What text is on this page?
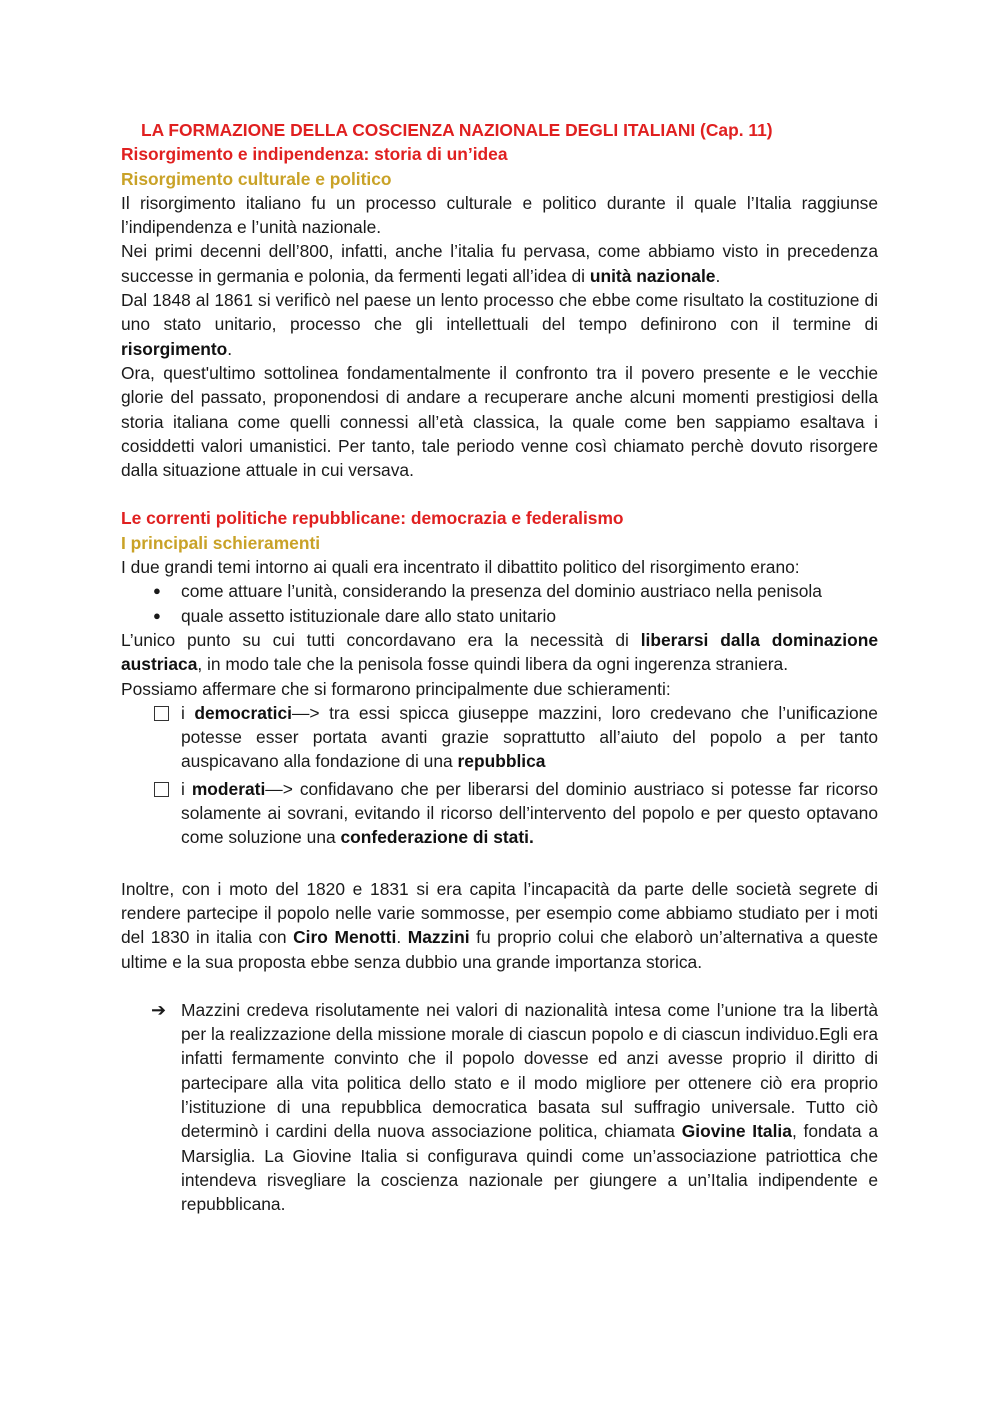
LA FORMAZIONE DELLA COSCIENZA NAZIONALE DEGLI ITALIANI (Cap. 11)
Risorgimento e indipendenza: storia di un’idea
Risorgimento culturale e politico

Il risorgimento italiano fu un processo culturale e politico durante il quale l’Italia raggiunse l’indipendenza e l’unità nazionale.

Nei primi decenni dell’800, infatti, anche l’italia fu pervasa, come abbiamo visto in precedenza successe in germania e polonia, da fermenti legati all’idea di unità nazionale.

Dal 1848 al 1861 si verificò nel paese un lento processo che ebbe come risultato la costituzione di uno stato unitario, processo che gli intellettuali del tempo definirono con il termine di risorgimento.

Ora, quest'ultimo sottolinea fondamentalmente il confronto tra il povero presente e le vecchie glorie del passato, proponendosi di andare a recuperare anche alcuni momenti prestigiosi della storia italiana come quelli connessi all’età classica, la quale come ben sappiamo esaltava i cosiddetti valori umanistici. Per tanto, tale periodo venne così chiamato perchè dovuto risorgere dalla situazione attuale in cui versava.

Le correnti politiche repubblicane: democrazia e federalismo
I principali schieramenti

I due grandi temi intorno ai quali era incentrato il dibattito politico del risorgimento erano:

● come attuare l’unità, considerando la presenza del dominio austriaco nella penisola
● quale assetto istituzionale dare allo stato unitario

L’unico punto su cui tutti concordavano era la necessità di liberarsi dalla dominazione austriaca, in modo tale che la penisola fosse quindi libera da ogni ingerenza straniera.

Possiamo affermare che si formarono principalmente due schieramenti:

i democratici—> tra essi spicca giuseppe mazzini, loro credevano che l’unificazione potesse esser portata avanti grazie soprattutto all’aiuto del popolo a per tanto auspicavano alla fondazione di una repubblica
i moderati—> confidavano che per liberarsi del dominio austriaco si potesse far ricorso solamente ai sovrani, evitando il ricorso dell’intervento del popolo e per questo optavano come soluzione una confederazione di stati.

Inoltre, con i moto del 1820 e 1831 si era capita l’incapacità da parte delle società segrete di rendere partecipe il popolo nelle varie sommosse, per esempio come abbiamo studiato per i moti del 1830 in italia con Ciro Menotti. Mazzini fu proprio colui che elaborò un’alternativa a queste ultime e la sua proposta ebbe senza dubbio una grande importanza storica.

➔ Mazzini credeva risolutamente nei valori di nazionalità intesa come l’unione tra la libertà per la realizzazione della missione morale di ciascun popolo e di ciascun individuo.Egli era infatti fermamente convinto che il popolo dovesse ed anzi avesse proprio il diritto di partecipare alla vita politica dello stato e il modo migliore per ottenere ciò era proprio l’istituzione di una repubblica democratica basata sul suffragio universale. Tutto ciò determinò i cardini della nuova associazione politica, chiamata Giovine Italia, fondata a Marsiglia. La Giovine Italia si configurava quindi come un’associazione patriottica che intendeva risvegliare la coscienza nazionale per giungere a un’Italia indipendente e repubblicana.
